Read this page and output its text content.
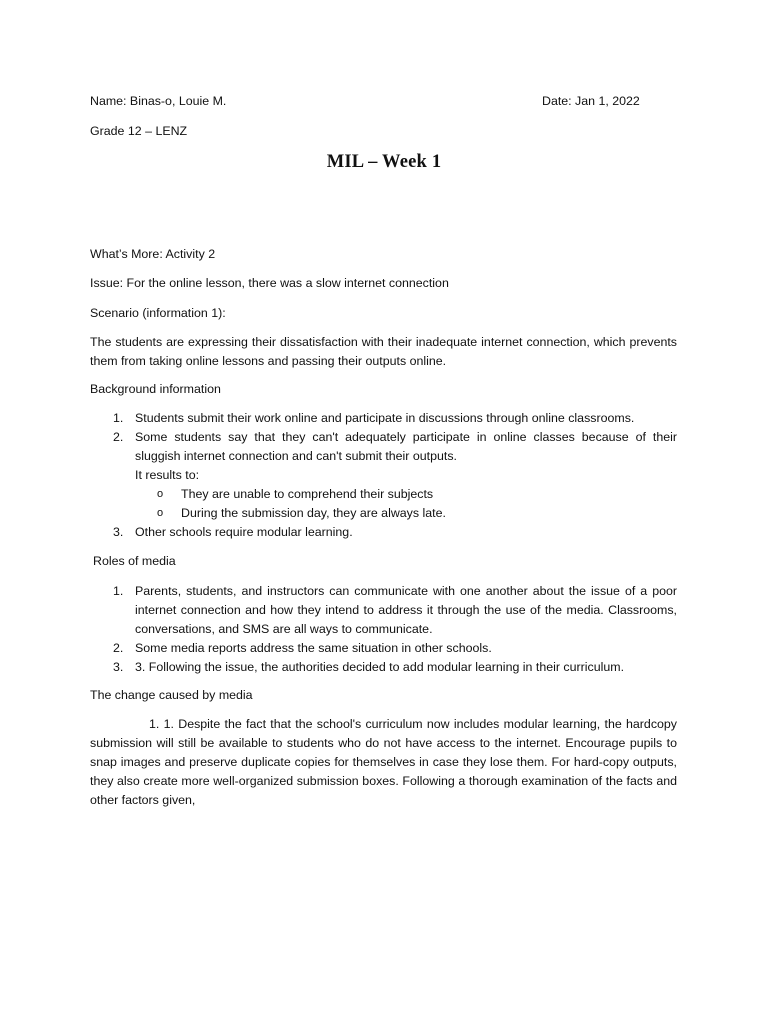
Name: Binas-o, Louie M.	Date: Jan 1, 2022
Grade 12 – LENZ
MIL – Week 1
What’s More: Activity 2
Issue: For the online lesson, there was a slow internet connection
Scenario (information 1):
The students are expressing their dissatisfaction with their inadequate internet connection, which prevents them from taking online lessons and passing their outputs online.
Background information
1. Students submit their work online and participate in discussions through online classrooms.
2. Some students say that they can't adequately participate in online classes because of their sluggish internet connection and can't submit their outputs.
It results to:
o They are unable to comprehend their subjects
o During the submission day, they are always late.
3. Other schools require modular learning.
Roles of media
1. Parents, students, and instructors can communicate with one another about the issue of a poor internet connection and how they intend to address it through the use of the media. Classrooms, conversations, and SMS are all ways to communicate.
2. Some media reports address the same situation in other schools.
3. 3. Following the issue, the authorities decided to add modular learning in their curriculum.
The change caused by media
1. 1. Despite the fact that the school's curriculum now includes modular learning, the hardcopy submission will still be available to students who do not have access to the internet. Encourage pupils to snap images and preserve duplicate copies for themselves in case they lose them. For hard-copy outputs, they also create more well-organized submission boxes. Following a thorough examination of the facts and other factors given,
